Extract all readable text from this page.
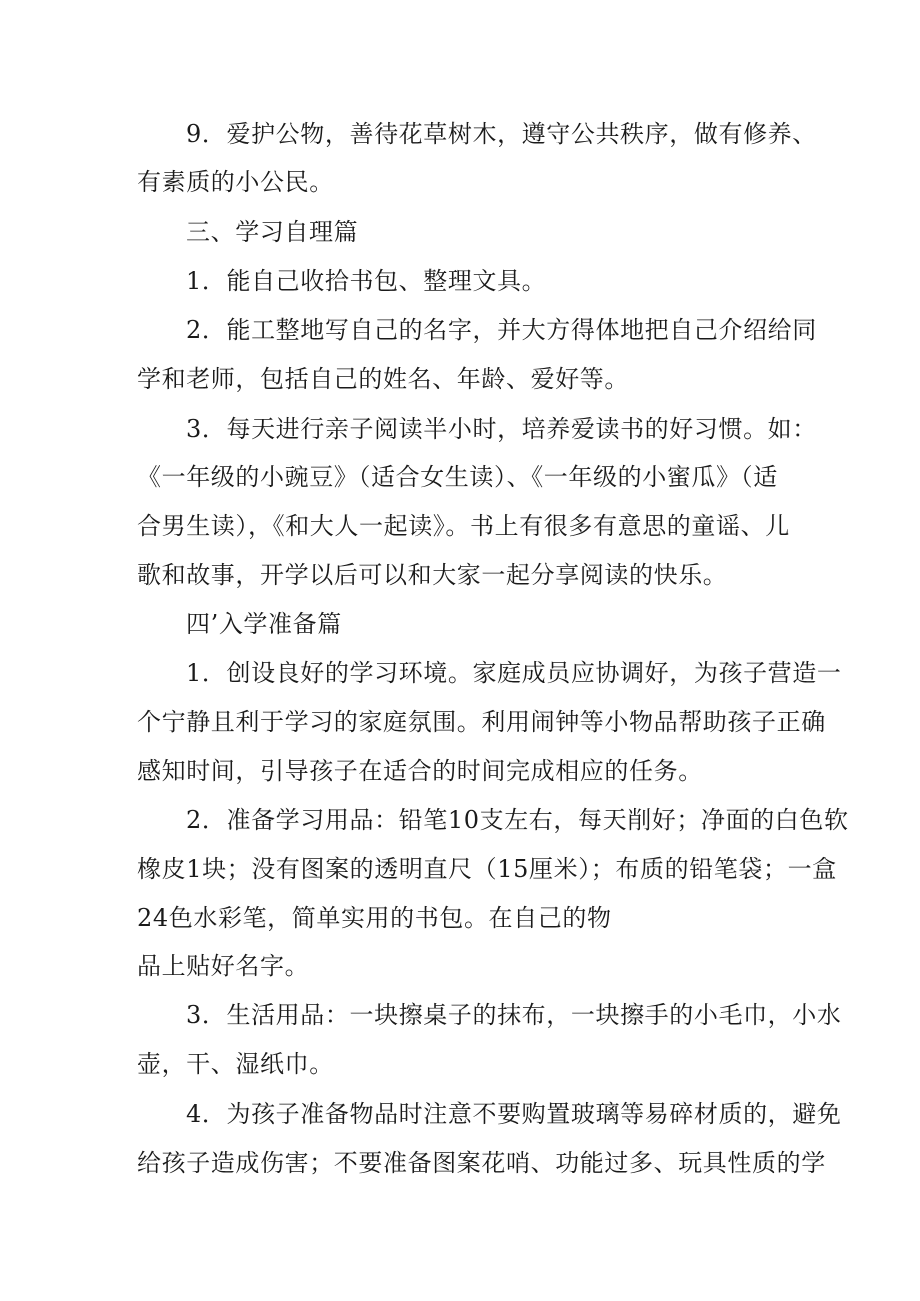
9．爱护公物，善待花草树木，遵守公共秩序，做有修养、
有素质的小公民。
三、学习自理篇
1．能自己收拾书包、整理文具。
2．能工整地写自己的名字，并大方得体地把自己介绍给同
学和老师，包括自己的姓名、年龄、爱好等。
3．每天进行亲子阅读半小时，培养爱读书的好习惯。如：
《一年级的小豌豆》（适合女生读）、《一年级的小蜜瓜》（适
合男生读），《和大人一起读》。书上有很多有意思的童谣、儿
歌和故事，开学以后可以和大家一起分享阅读的快乐。
四’入学准备篇
1．创设良好的学习环境。家庭成员应协调好，为孩子营造一
个宁静且利于学习的家庭氛围。利用闹钟等小物品帮助孩子正确
感知时间，引导孩子在适合的时间完成相应的任务。
2．准备学习用品：铅笔10支左右，每天削好；净面的白色软
橡皮1块；没有图案的透明直尺（15厘米）；布质的铅笔袋；一盒
24色水彩笔，简单实用的书包。在自己的物
品上贴好名字。
3．生活用品：一块擦桌子的抹布，一块擦手的小毛巾，小水
壶，干、湿纸巾。
4．为孩子准备物品时注意不要购置玻璃等易碎材质的，避免
给孩子造成伤害；不要准备图案花哨、功能过多、玩具性质的学
